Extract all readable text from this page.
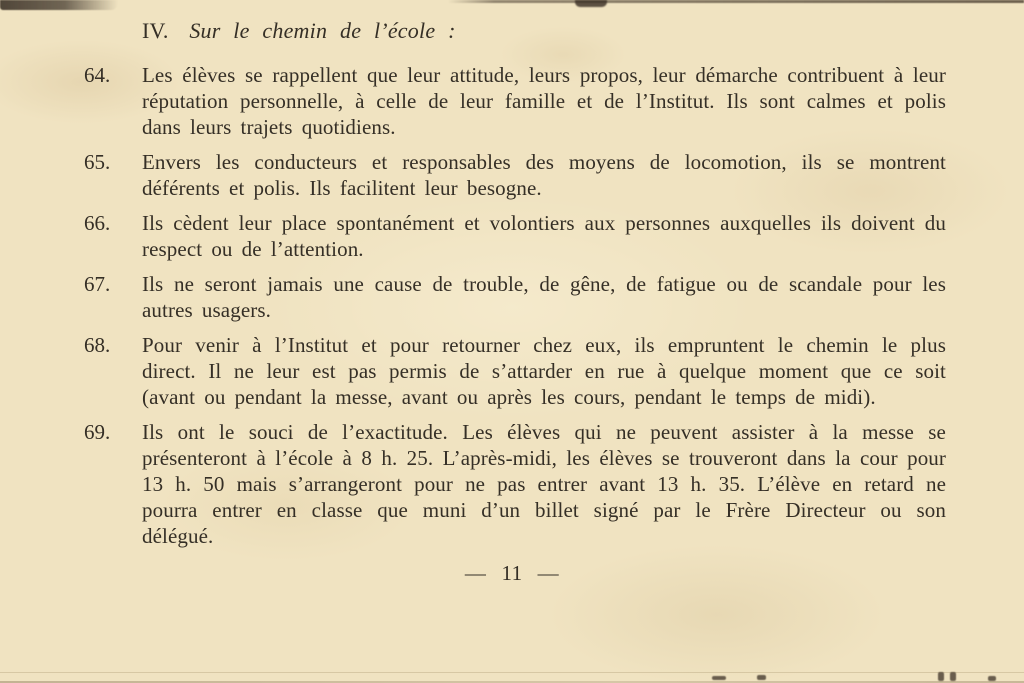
IV. Sur le chemin de l’école :
64.	Les élèves se rappellent que leur attitude, leurs propos, leur démarche contribuent à leur réputation personnelle, à celle de leur famille et de l’Institut. Ils sont calmes et polis dans leurs trajets quotidiens.

65.	Envers les conducteurs et responsables des moyens de locomotion, ils se montrent déférents et polis. Ils facilitent leur besogne.

66.	Ils cèdent leur place spontanément et volontiers aux personnes auxquelles ils doivent du respect ou de l’attention.

67.	Ils ne seront jamais une cause de trouble, de gêne, de fatigue ou de scandale pour les autres usagers.

68.	Pour venir à l’Institut et pour retourner chez eux, ils empruntent le chemin le plus direct. Il ne leur est pas permis de s’attarder en rue à quelque moment que ce soit (avant ou pendant la messe, avant ou après les cours, pendant le temps de midi).

69.	Ils ont le souci de l’exactitude. Les élèves qui ne peuvent assister à la messe se présenteront à l’école à 8 h. 25. L’après-midi, les élèves se trouveront dans la cour pour 13 h. 50 mais s’arrangeront pour ne pas entrer avant 13 h. 35. L’élève en retard ne pourra entrer en classe que muni d’un billet signé par le Frère Directeur ou son délégué.

— 11 —
